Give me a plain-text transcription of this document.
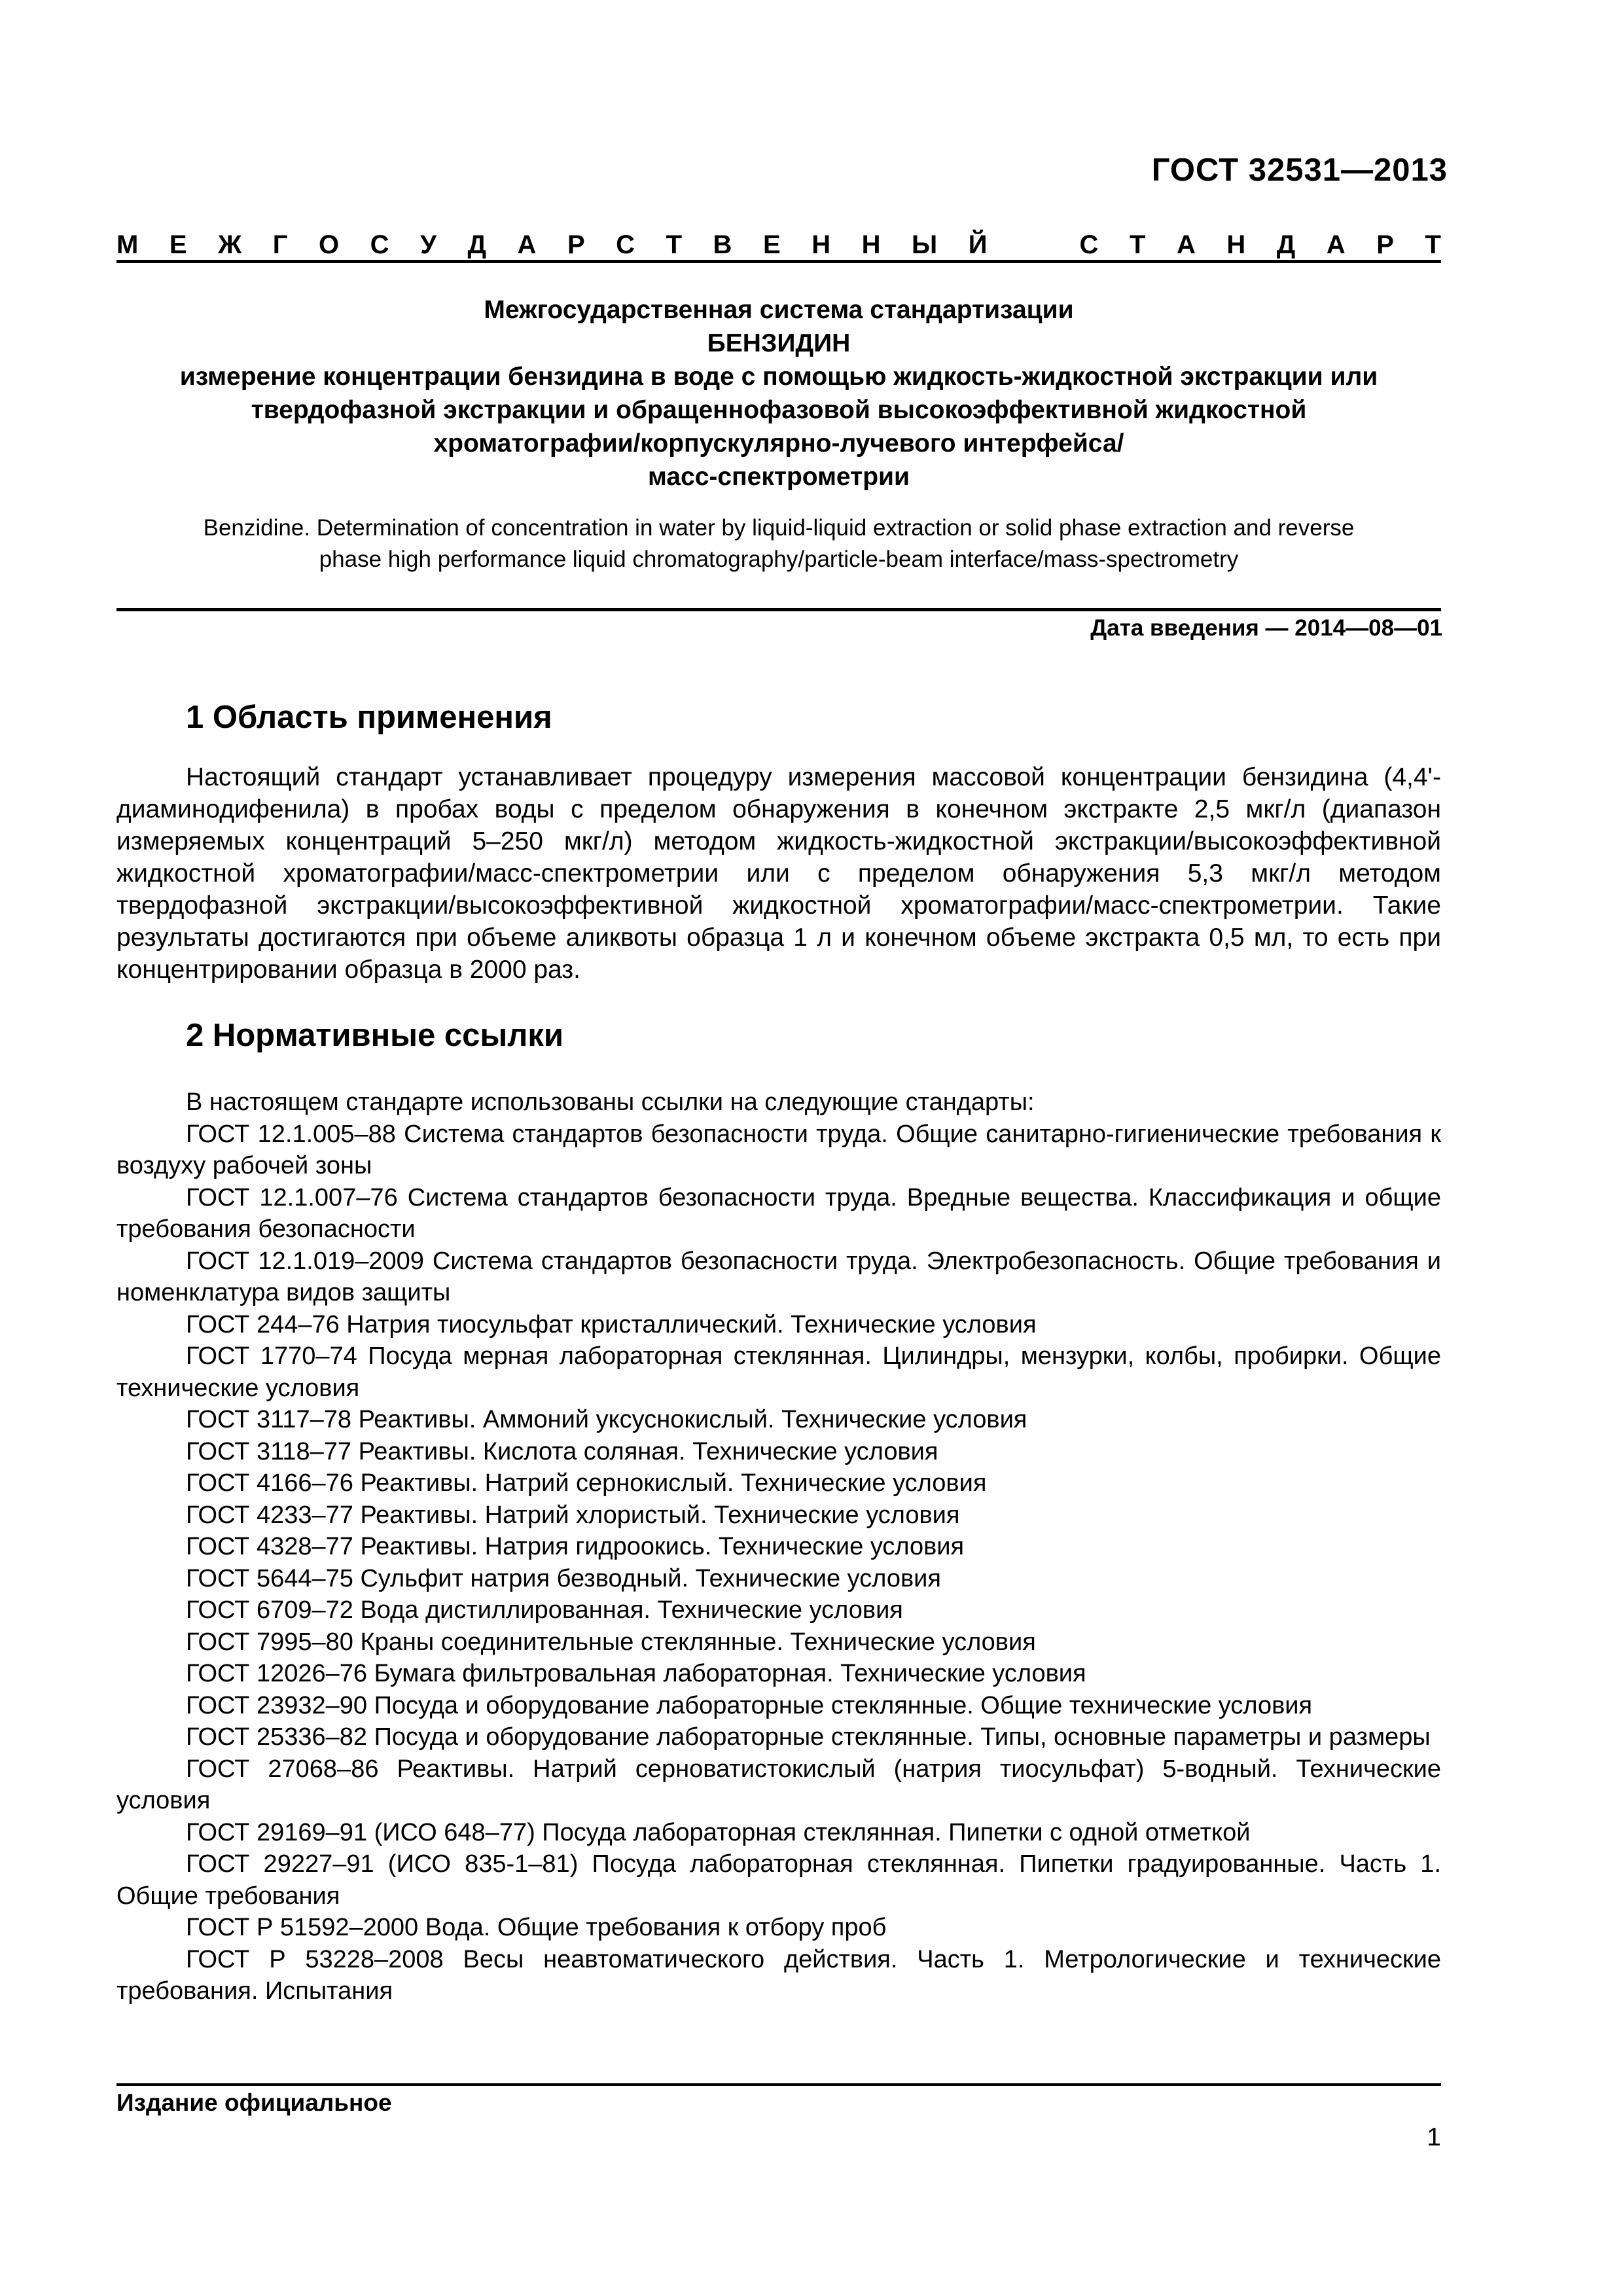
ГОСТ 32531—2013
М Е Ж Г О С У Д А Р С Т В Е Н Н Ы Й	С Т А Н Д А Р Т
Межгосударственная система стандартизации
БЕНЗИДИН
измерение концентрации бензидина в воде с помощью жидкость-жидкостной экстракции или
твердофазной экстракции и обращеннофазовой высокоэффективной жидкостной
хроматографии/корпускулярно-лучевого интерфейса/
масс-спектрометрии
Benzidine. Determination of concentration in water by liquid-liquid extraction or solid phase extraction and reverse
phase high performance liquid chromatography/particle-beam interface/mass-spectrometry
Дата введения — 2014—08—01
1 Область применения
Настоящий стандарт устанавливает процедуру измерения массовой концентрации бензидина (4,4'-диаминодифенила) в пробах воды с пределом обнаружения в конечном экстракте 2,5 мкг/л (диапазон измеряемых концентраций 5–250 мкг/л) методом жидкость-жидкостной экстракции/высокоэффективной жидкостной хроматографии/масс-спектрометрии или с пределом обнаружения 5,3 мкг/л методом твердофазной экстракции/высокоэффективной жидкостной хроматографии/масс-спектрометрии. Такие результаты достигаются при объеме аликвоты образца 1 л и конечном объеме экстракта 0,5 мл, то есть при концентрировании образца в 2000 раз.
2 Нормативные ссылки

В настоящем стандарте использованы ссылки на следующие стандарты:

ГОСТ 12.1.005–88 Система стандартов безопасности труда. Общие санитарно-гигиенические требования к воздуху рабочей зоны

ГОСТ 12.1.007–76 Система стандартов безопасности труда. Вредные вещества. Классификация и общие требования безопасности

ГОСТ 12.1.019–2009 Система стандартов безопасности труда. Электробезопасность. Общие требования и номенклатура видов защиты

ГОСТ 244–76 Натрия тиосульфат кристаллический. Технические условия

ГОСТ 1770–74 Посуда мерная лабораторная стеклянная. Цилиндры, мензурки, колбы, пробирки. Общие технические условия

ГОСТ 3117–78 Реактивы. Аммоний уксуснокислый. Технические условия

ГОСТ 3118–77 Реактивы. Кислота соляная. Технические условия

ГОСТ 4166–76 Реактивы. Натрий сернокислый. Технические условия

ГОСТ 4233–77 Реактивы. Натрий хлористый. Технические условия

ГОСТ 4328–77 Реактивы. Натрия гидроокись. Технические условия

ГОСТ 5644–75 Сульфит натрия безводный. Технические условия

ГОСТ 6709–72 Вода дистиллированная. Технические условия

ГОСТ 7995–80 Краны соединительные стеклянные. Технические условия

ГОСТ 12026–76 Бумага фильтровальная лабораторная. Технические условия

ГОСТ 23932–90 Посуда и оборудование лабораторные стеклянные. Общие технические условия

ГОСТ 25336–82 Посуда и оборудование лабораторные стеклянные. Типы, основные параметры и размеры

ГОСТ 27068–86 Реактивы. Натрий серноватистокислый (натрия тиосульфат) 5-водный. Технические условия

ГОСТ 29169–91 (ИСО 648–77) Посуда лабораторная стеклянная. Пипетки с одной отметкой

ГОСТ 29227–91 (ИСО 835-1–81) Посуда лабораторная стеклянная. Пипетки градуированные. Часть 1. Общие требования

ГОСТ Р 51592–2000 Вода. Общие требования к отбору проб

ГОСТ Р 53228–2008 Весы неавтоматического действия. Часть 1. Метрологические и технические требования. Испытания

Издание официальное
1
